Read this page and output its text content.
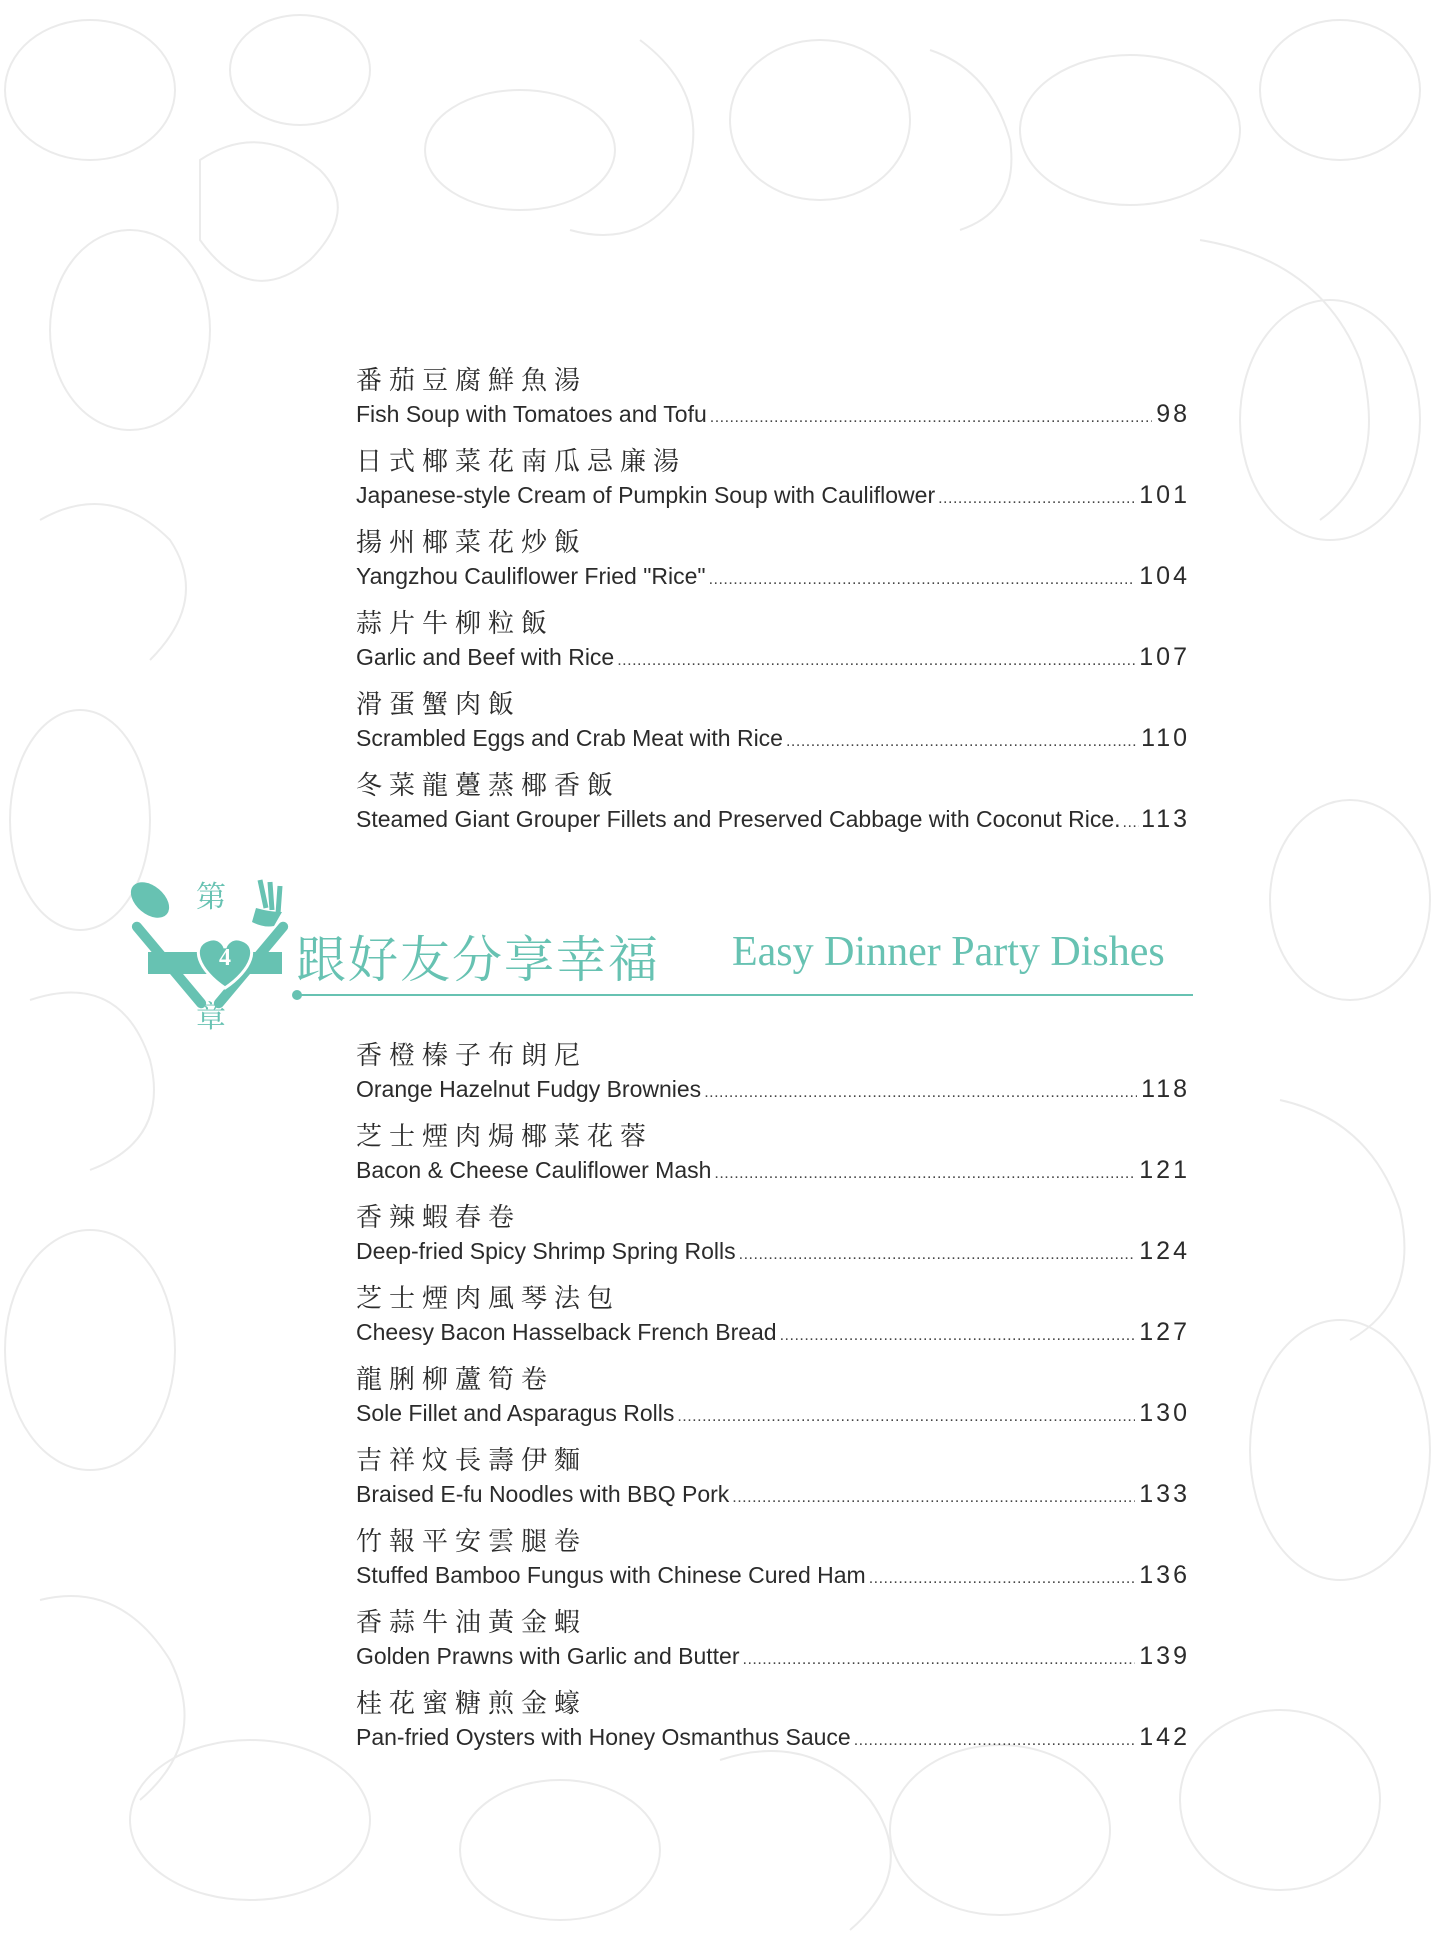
番茄豆腐鮮魚湯
Fish Soup with Tomatoes and Tofu .....	98
日式椰菜花南瓜忌廉湯
Japanese-style Cream of Pumpkin Soup with Cauliflower .....	101
揚州椰菜花炒飯
Yangzhou Cauliflower Fried "Rice" .....	104
蒜片牛柳粒飯
Garlic and Beef with Rice .....	107
滑蛋蟹肉飯
Scrambled Eggs and Crab Meat with Rice .....	110
冬菜龍躉蒸椰香飯
Steamed Giant Grouper Fillets and Preserved Cabbage with Coconut Rice. ..... 113
第
4
章
跟好友分享幸福 Easy Dinner Party Dishes
香橙榛子布朗尼
Orange Hazelnut Fudgy Brownies .....	118
芝士煙肉焗椰菜花蓉
Bacon & Cheese Cauliflower Mash .....	121
香辣蝦春卷
Deep-fried Spicy Shrimp Spring Rolls .....	124
芝士煙肉風琴法包
Cheesy Bacon Hasselback French Bread .....	127
龍脷柳蘆筍卷
Sole Fillet and Asparagus Rolls .....	130
吉祥炆長壽伊麵
Braised E-fu Noodles with BBQ Pork .....	133
竹報平安雲腿卷
Stuffed Bamboo Fungus with Chinese Cured Ham .....	136
香蒜牛油黃金蝦
Golden Prawns with Garlic and Butter .....	139
桂花蜜糖煎金蠔
Pan-fried Oysters with Honey Osmanthus Sauce .....	142
